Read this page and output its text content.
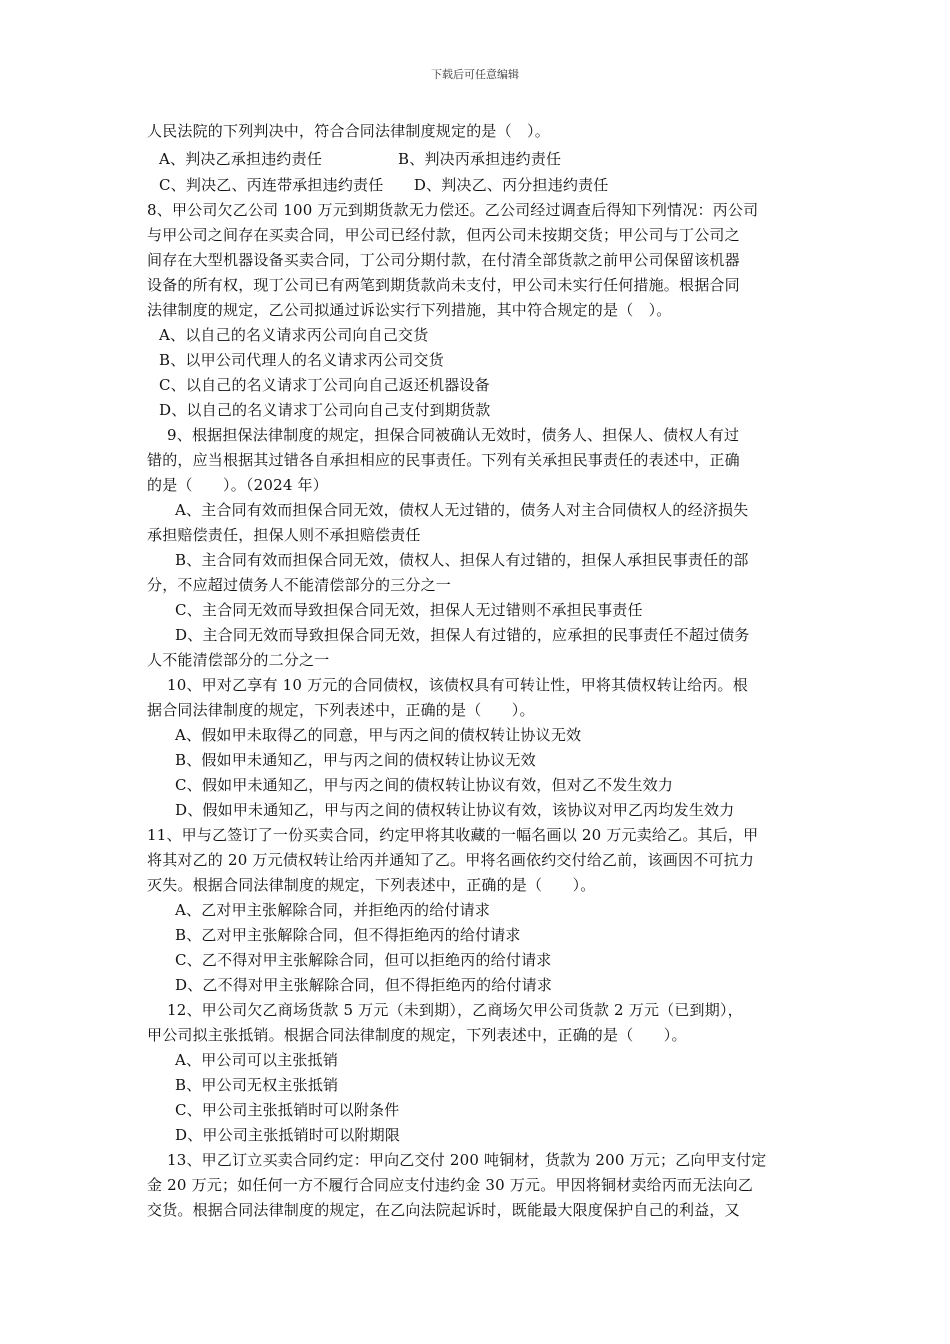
下载后可任意编辑
人民法院的下列判决中，符合合同法律制度规定的是（　）。
A、判决乙承担违约责任　　　　　B、判决丙承担违约责任
C、判决乙、丙连带承担违约责任　　D、判决乙、丙分担违约责任
8、甲公司欠乙公司 100 万元到期货款无力偿还。乙公司经过调查后得知下列情况：丙公司
与甲公司之间存在买卖合同，甲公司已经付款，但丙公司未按期交货；甲公司与丁公司之
间存在大型机器设备买卖合同，丁公司分期付款，在付清全部货款之前甲公司保留该机器
设备的所有权，现丁公司已有两笔到期货款尚未支付，甲公司未实行任何措施。根据合同
法律制度的规定，乙公司拟通过诉讼实行下列措施，其中符合规定的是（　）。
A、以自己的名义请求丙公司向自己交货
B、以甲公司代理人的名义请求丙公司交货
C、以自己的名义请求丁公司向自己返还机器设备
D、以自己的名义请求丁公司向自己支付到期货款
9、根据担保法律制度的规定，担保合同被确认无效时，债务人、担保人、债权人有过
错的，应当根据其过错各自承担相应的民事责任。下列有关承担民事责任的表述中，正确
的是（　　）。（2024 年）
A、主合同有效而担保合同无效，债权人无过错的，债务人对主合同债权人的经济损失
承担赔偿责任，担保人则不承担赔偿责任
B、主合同有效而担保合同无效，债权人、担保人有过错的，担保人承担民事责任的部
分，不应超过债务人不能清偿部分的三分之一
C、主合同无效而导致担保合同无效，担保人无过错则不承担民事责任
D、主合同无效而导致担保合同无效，担保人有过错的，应承担的民事责任不超过债务
人不能清偿部分的二分之一
10、甲对乙享有 10 万元的合同债权，该债权具有可转让性，甲将其债权转让给丙。根
据合同法律制度的规定，下列表述中，正确的是（　　）。
A、假如甲未取得乙的同意，甲与丙之间的债权转让协议无效
B、假如甲未通知乙，甲与丙之间的债权转让协议无效
C、假如甲未通知乙，甲与丙之间的债权转让协议有效，但对乙不发生效力
D、假如甲未通知乙，甲与丙之间的债权转让协议有效，该协议对甲乙丙均发生效力
11、甲与乙签订了一份买卖合同，约定甲将其收藏的一幅名画以 20 万元卖给乙。其后，甲
将其对乙的 20 万元债权转让给丙并通知了乙。甲将名画依约交付给乙前，该画因不可抗力
灭失。根据合同法律制度的规定，下列表述中，正确的是（　　）。
A、乙对甲主张解除合同，并拒绝丙的给付请求
B、乙对甲主张解除合同，但不得拒绝丙的给付请求
C、乙不得对甲主张解除合同，但可以拒绝丙的给付请求
D、乙不得对甲主张解除合同，但不得拒绝丙的给付请求
12、甲公司欠乙商场货款 5 万元（未到期），乙商场欠甲公司货款 2 万元（已到期），
甲公司拟主张抵销。根据合同法律制度的规定，下列表述中，正确的是（　　）。
A、甲公司可以主张抵销
B、甲公司无权主张抵销
C、甲公司主张抵销时可以附条件
D、甲公司主张抵销时可以附期限
13、甲乙订立买卖合同约定：甲向乙交付 200 吨铜材，货款为 200 万元；乙向甲支付定
金 20 万元；如任何一方不履行合同应支付违约金 30 万元。甲因将铜材卖给丙而无法向乙
交货。根据合同法律制度的规定，在乙向法院起诉时，既能最大限度保护自己的利益，又
